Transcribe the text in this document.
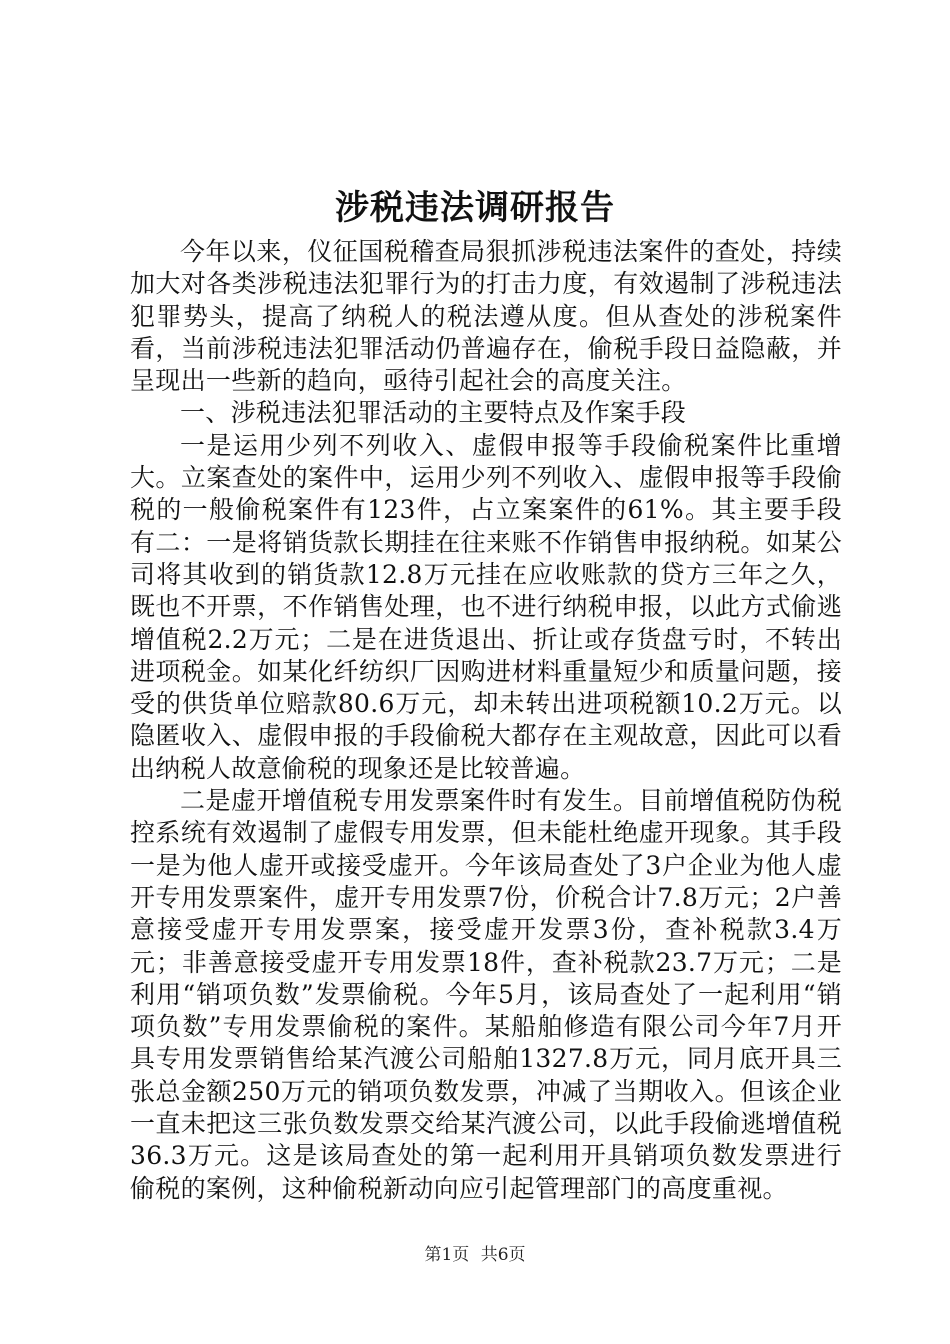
涉税违法调研报告

今年以来，仪征国税稽查局狠抓涉税违法案件的查处，持续加大对各类涉税违法犯罪行为的打击力度，有效遏制了涉税违法犯罪势头，提高了纳税人的税法遵从度。但从查处的涉税案件看，当前涉税违法犯罪活动仍普遍存在，偷税手段日益隐蔽，并呈现出一些新的趋向，亟待引起社会的高度关注。

一、涉税违法犯罪活动的主要特点及作案手段

一是运用少列不列收入、虚假申报等手段偷税案件比重增大。立案查处的案件中，运用少列不列收入、虚假申报等手段偷税的一般偷税案件有123件，占立案案件的61%。其主要手段有二：一是将销货款长期挂在往来账不作销售申报纳税。如某公司将其收到的销货款12.8万元挂在应收账款的贷方三年之久，既也不开票，不作销售处理，也不进行纳税申报，以此方式偷逃增值税2.2万元；二是在进货退出、折让或存货盘亏时，不转出进项税金。如某化纤纺织厂因购进材料重量短少和质量问题，接受的供货单位赔款80.6万元，却未转出进项税额10.2万元。以隐匿收入、虚假申报的手段偷税大都存在主观故意，因此可以看出纳税人故意偷税的现象还是比较普遍。

二是虚开增值税专用发票案件时有发生。目前增值税防伪税控系统有效遏制了虚假专用发票，但未能杜绝虚开现象。其手段一是为他人虚开或接受虚开。今年该局查处了3户企业为他人虚开专用发票案件，虚开专用发票7份，价税合计7.8万元；2户善意接受虚开专用发票案，接受虚开发票3份，查补税款3.4万元；非善意接受虚开专用发票18件，查补税款23.7万元；二是利用“销项负数”发票偷税。今年5月，该局查处了一起利用“销项负数”专用发票偷税的案件。某船舶修造有限公司今年7月开具专用发票销售给某汽渡公司船舶1327.8万元，同月底开具三张总金额250万元的销项负数发票，冲减了当期收入。但该企业一直未把这三张负数发票交给某汽渡公司，以此手段偷逃增值税36.3万元。这是该局查处的第一起利用开具销项负数发票进行偷税的案例，这种偷税新动向应引起管理部门的高度重视。

第1页 共6页
